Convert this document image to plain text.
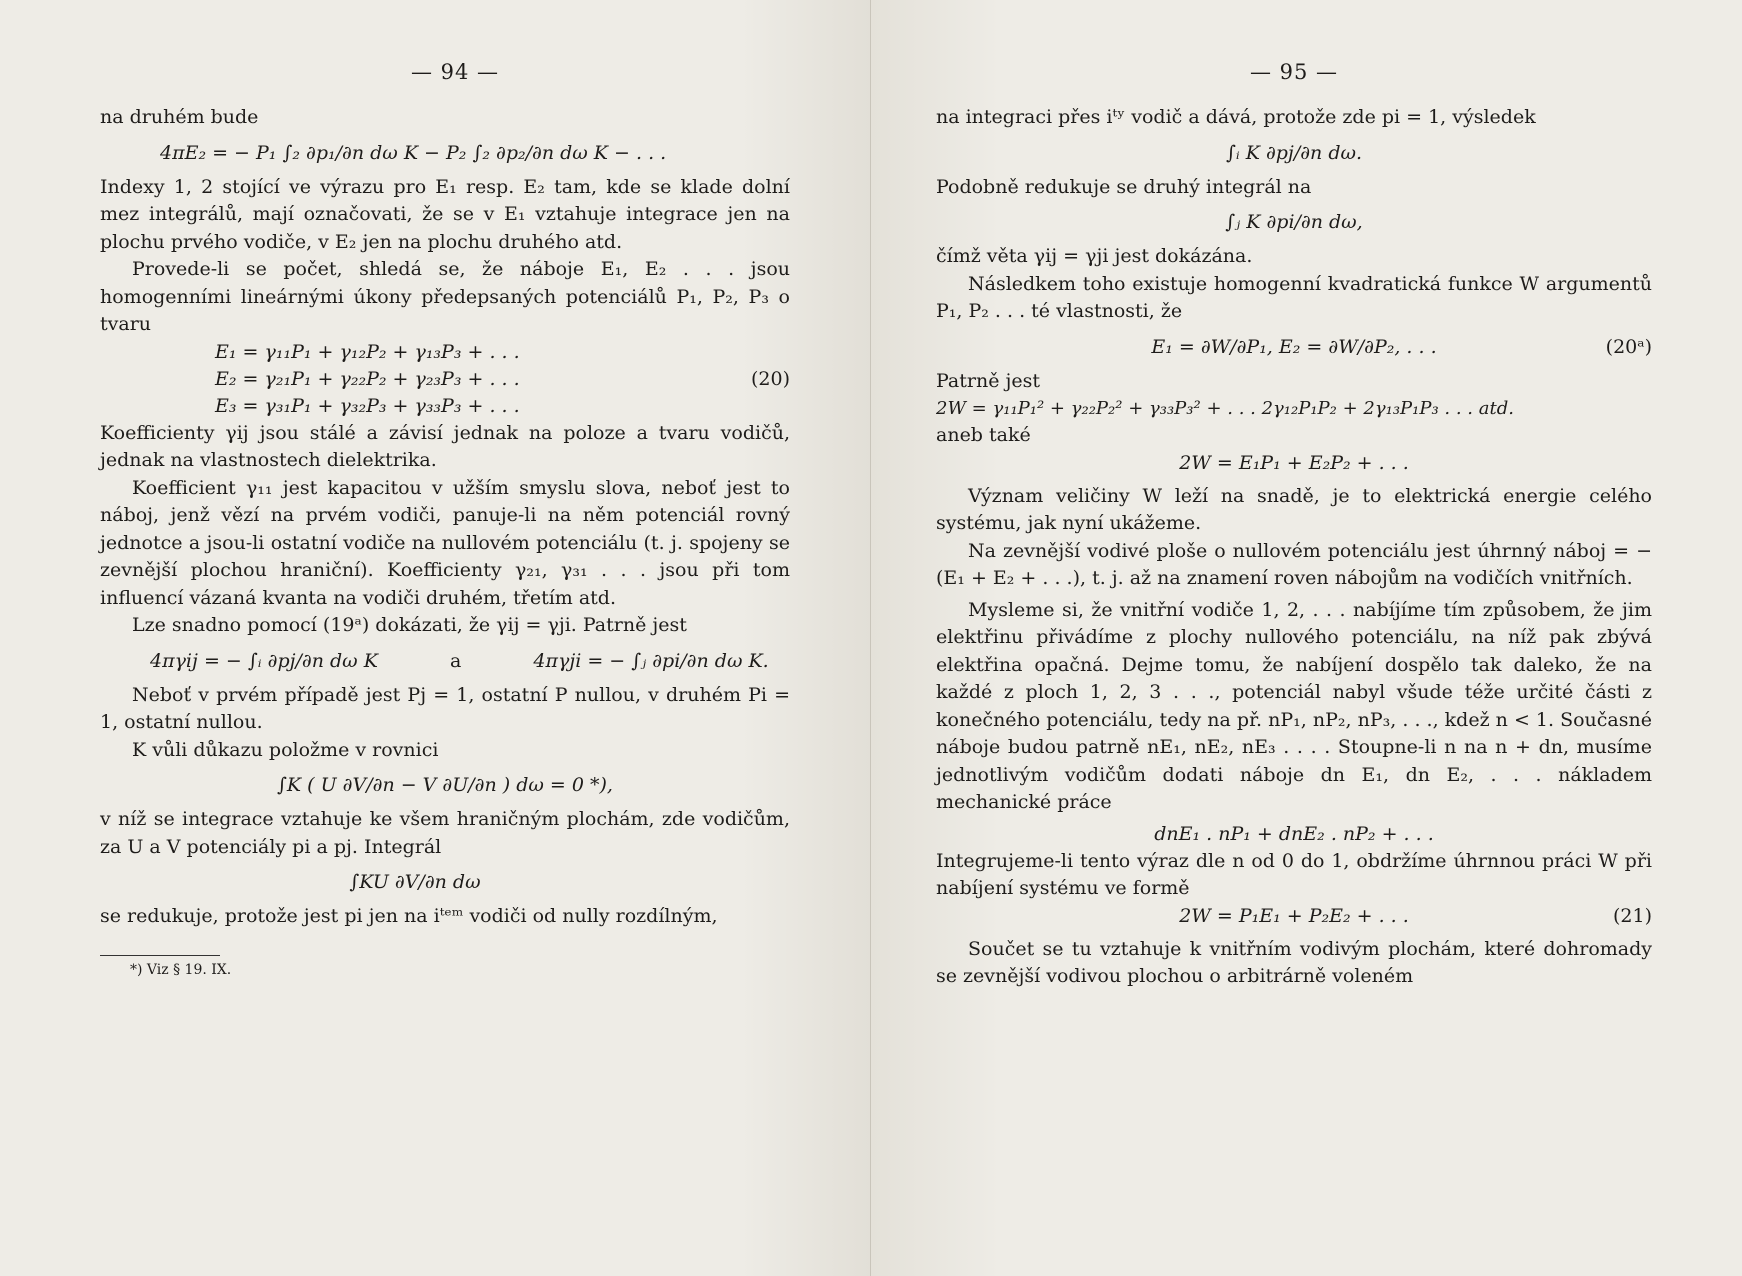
— 94 —

na druhém bude

4πE₂ = − P₁ ∫₂ ∂p₁/∂n dω K − P₂ ∫₂ ∂p₂/∂n dω K − . . .

Indexy 1, 2 stojící ve výrazu pro E₁ resp. E₂ tam, kde se klade dolní mez integrálů, mají označovati, že se v E₁ vztahuje integrace jen na plochu prvého vodiče, v E₂ jen na plochu druhého atd.

Provede-li se počet, shledá se, že náboje E₁, E₂ . . . jsou homogenními lineárnými úkony předepsaných potenciálů P₁, P₂, P₃ o tvaru

E₁ = γ₁₁P₁ + γ₁₂P₂ + γ₁₃P₃ + . . .
E₂ = γ₂₁P₁ + γ₂₂P₂ + γ₂₃P₃ + . . .
E₃ = γ₃₁P₁ + γ₃₂P₃ + γ₃₃P₃ + . . .
(20)

Koefficienty γij jsou stálé a závisí jednak na poloze a tvaru vodičů, jednak na vlastnostech dielektrika.

Koefficient γ₁₁ jest kapacitou v užším smyslu slova, neboť jest to náboj, jenž vězí na prvém vodiči, panuje-li na něm potenciál rovný jednotce a jsou-li ostatní vodiče na nullovém potenciálu (t. j. spojeny se zevnější plochou hraniční). Koefficienty γ₂₁, γ₃₁ . . . jsou při tom influencí vázaná kvanta na vodiči druhém, třetím atd.

Lze snadno pomocí (19ᵃ) dokázati, že γij = γji. Patrně jest

4πγij = − ∫ᵢ ∂pj/∂n dω K	a	4πγji = − ∫ⱼ ∂pi/∂n dω K.

Neboť v prvém případě jest Pj = 1, ostatní P nullou, v druhém Pi = 1, ostatní nullou.

K vůli důkazu položme v rovnici

∫K ( U ∂V/∂n − V ∂U/∂n ) dω = 0 *),

v níž se integrace vztahuje ke všem hraničným plochám, zde vodičům, za U a V potenciály pi a pj. Integrál

∫KU ∂V/∂n dω

se redukuje, protože jest pi jen na iᵗᵉᵐ vodiči od nully rozdílným,

*) Viz § 19. IX.
— 95 —

na integraci přes iᵗʸ vodič a dává, protože zde pi = 1, výsledek

∫ᵢ K ∂pj/∂n dω.

Podobně redukuje se druhý integrál na

∫ⱼ K ∂pi/∂n dω,

čímž věta γij = γji jest dokázána.

Následkem toho existuje homogenní kvadratická funkce W argumentů P₁, P₂ . . . té vlastnosti, že

E₁ = ∂W/∂P₁, E₂ = ∂W/∂P₂, . . .	(20ᵃ)

Patrně jest

2W = γ₁₁P₁² + γ₂₂P₂² + γ₃₃P₃² + . . . 2γ₁₂P₁P₂ + 2γ₁₃P₁P₃ . . . atd.

aneb také

2W = E₁P₁ + E₂P₂ + . . .

Význam veličiny W leží na snadě, je to elektrická energie celého systému, jak nyní ukážeme.

Na zevnější vodivé ploše o nullovém potenciálu jest úhrnný náboj = − (E₁ + E₂ + . . .), t. j. až na znamení roven nábojům na vodičích vnitřních.

Mysleme si, že vnitřní vodiče 1, 2, . . . nabíjíme tím způsobem, že jim elektřinu přivádíme z plochy nullového potenciálu, na níž pak zbývá elektřina opačná. Dejme tomu, že nabíjení dospělo tak daleko, že na každé z ploch 1, 2, 3 . . ., potenciál nabyl všude téže určité části z konečného potenciálu, tedy na př. nP₁, nP₂, nP₃, . . ., kdež n < 1. Současné náboje budou patrně nE₁, nE₂, nE₃ . . . . Stoupne-li n na n + dn, musíme jednotlivým vodičům dodati náboje dn E₁, dn E₂, . . . nákladem mechanické práce

dnE₁ . nP₁ + dnE₂ . nP₂ + . . .

Integrujeme-li tento výraz dle n od 0 do 1, obdržíme úhrnnou práci W při nabíjení systému ve formě

2W = P₁E₁ + P₂E₂ + . . .	(21)

Součet se tu vztahuje k vnitřním vodivým plochám, které dohromady se zevnější vodivou plochou o arbitrárně voleném
